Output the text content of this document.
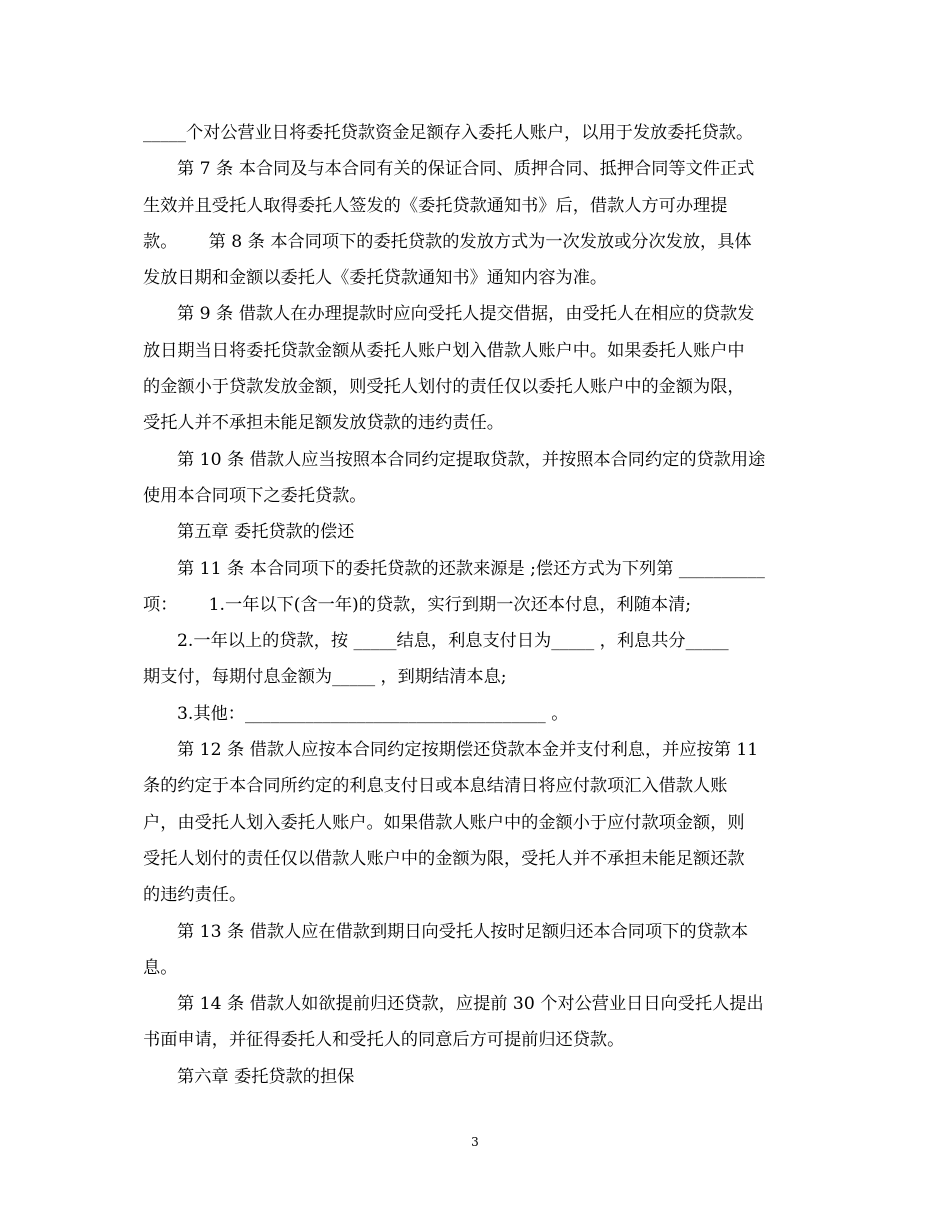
_____个对公营业日将委托贷款资金足额存入委托人账户，以用于发放委托贷款。
第 7 条 本合同及与本合同有关的保证合同、质押合同、抵押合同等文件正式
生效并且受托人取得委托人签发的《委托贷款通知书》后，借款人方可办理提
款。　　 第 8 条 本合同项下的委托贷款的发放方式为一次发放或分次发放，具体
发放日期和金额以委托人《委托贷款通知书》通知内容为准。
第 9 条 借款人在办理提款时应向受托人提交借据，由受托人在相应的贷款发
放日期当日将委托贷款金额从委托人账户划入借款人账户中。如果委托人账户中
的金额小于贷款发放金额，则受托人划付的责任仅以委托人账户中的金额为限，
受托人并不承担未能足额发放贷款的违约责任。
第 10 条 借款人应当按照本合同约定提取贷款，并按照本合同约定的贷款用途
使用本合同项下之委托贷款。
第五章 委托贷款的偿还
第 11 条 本合同项下的委托贷款的还款来源是 ;偿还方式为下列第 __________
项：　　 1.一年以下(含一年)的贷款，实行到期一次还本付息，利随本清;
2.一年以上的贷款，按 _____结息，利息支付日为_____ ，利息共分_____
期支付，每期付息金额为_____ ，到期结清本息;
3.其他：___________________________________ 。
第 12 条 借款人应按本合同约定按期偿还贷款本金并支付利息，并应按第 11
条的约定于本合同所约定的利息支付日或本息结清日将应付款项汇入借款人账
户，由受托人划入委托人账户。如果借款人账户中的金额小于应付款项金额，则
受托人划付的责任仅以借款人账户中的金额为限，受托人并不承担未能足额还款
的违约责任。
第 13 条 借款人应在借款到期日向受托人按时足额归还本合同项下的贷款本
息。
第 14 条 借款人如欲提前归还贷款，应提前 30 个对公营业日日向受托人提出
书面申请，并征得委托人和受托人的同意后方可提前归还贷款。
第六章 委托贷款的担保
3
